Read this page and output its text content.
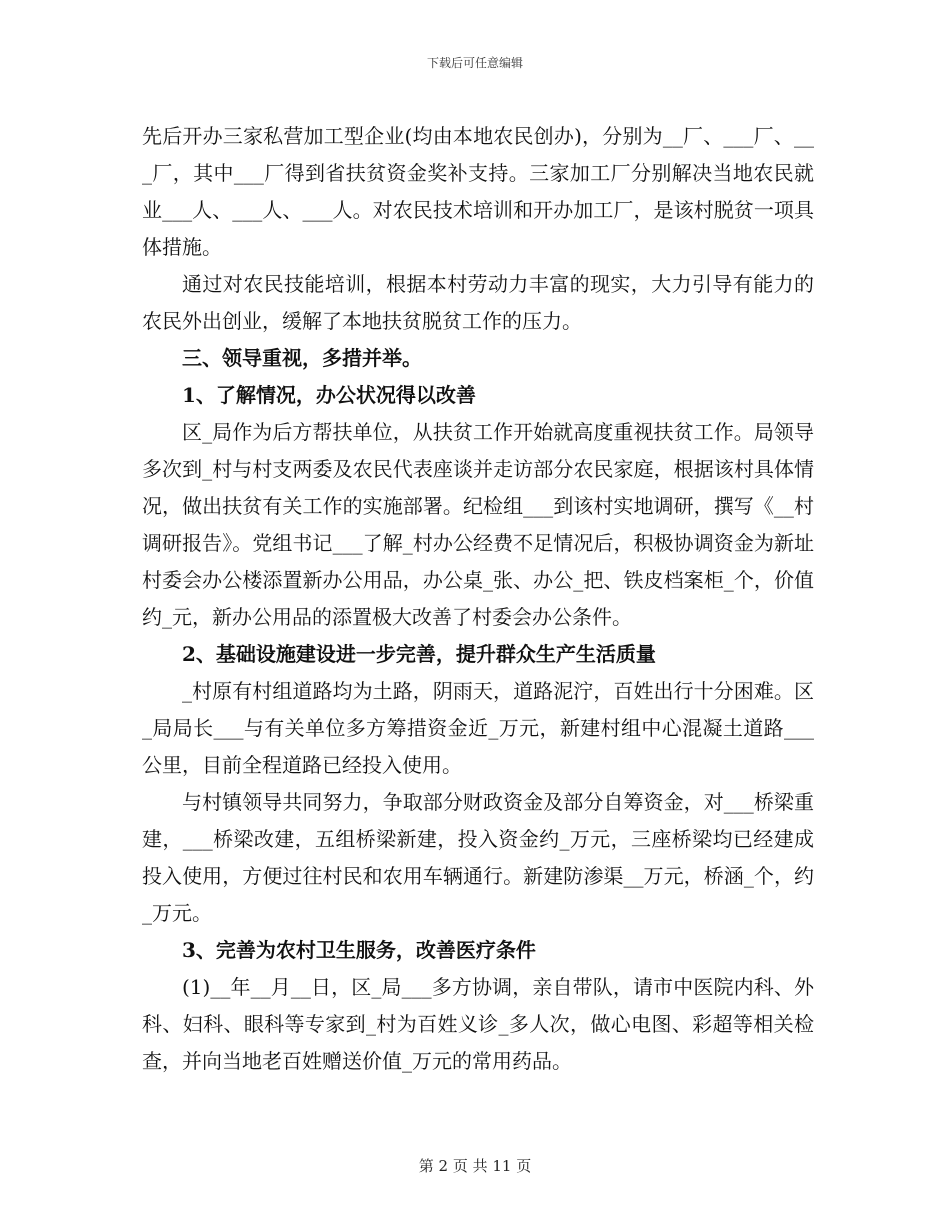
下载后可任意编辑

先后开办三家私营加工型企业(均由本地农民创办)，分别为__厂、___厂、___厂，其中___厂得到省扶贫资金奖补支持。三家加工厂分别解决当地农民就业___人、___人、___人。对农民技术培训和开办加工厂，是该村脱贫一项具体措施。

通过对农民技能培训，根据本村劳动力丰富的现实，大力引导有能力的农民外出创业，缓解了本地扶贫脱贫工作的压力。

三、领导重视，多措并举。

1、了解情况，办公状况得以改善

区_局作为后方帮扶单位，从扶贫工作开始就高度重视扶贫工作。局领导多次到_村与村支两委及农民代表座谈并走访部分农民家庭，根据该村具体情况，做出扶贫有关工作的实施部署。纪检组___到该村实地调研，撰写《__村调研报告》。党组书记___了解_村办公经费不足情况后，积极协调资金为新址村委会办公楼添置新办公用品，办公桌_张、办公_把、铁皮档案柜_个，价值约_元，新办公用品的添置极大改善了村委会办公条件。

2、基础设施建设进一步完善，提升群众生产生活质量

_村原有村组道路均为土路，阴雨天，道路泥泞，百姓出行十分困难。区_局局长___与有关单位多方筹措资金近_万元，新建村组中心混凝土道路___公里，目前全程道路已经投入使用。

与村镇领导共同努力，争取部分财政资金及部分自筹资金，对___桥梁重建，___桥梁改建，五组桥梁新建，投入资金约_万元，三座桥梁均已经建成投入使用，方便过往村民和农用车辆通行。新建防渗渠__万元，桥涵_个，约_万元。

3、完善为农村卫生服务，改善医疗条件

(1)__年__月__日，区_局___多方协调，亲自带队，请市中医院内科、外科、妇科、眼科等专家到_村为百姓义诊_多人次，做心电图、彩超等相关检查，并向当地老百姓赠送价值_万元的常用药品。

第 2 页 共 11 页
